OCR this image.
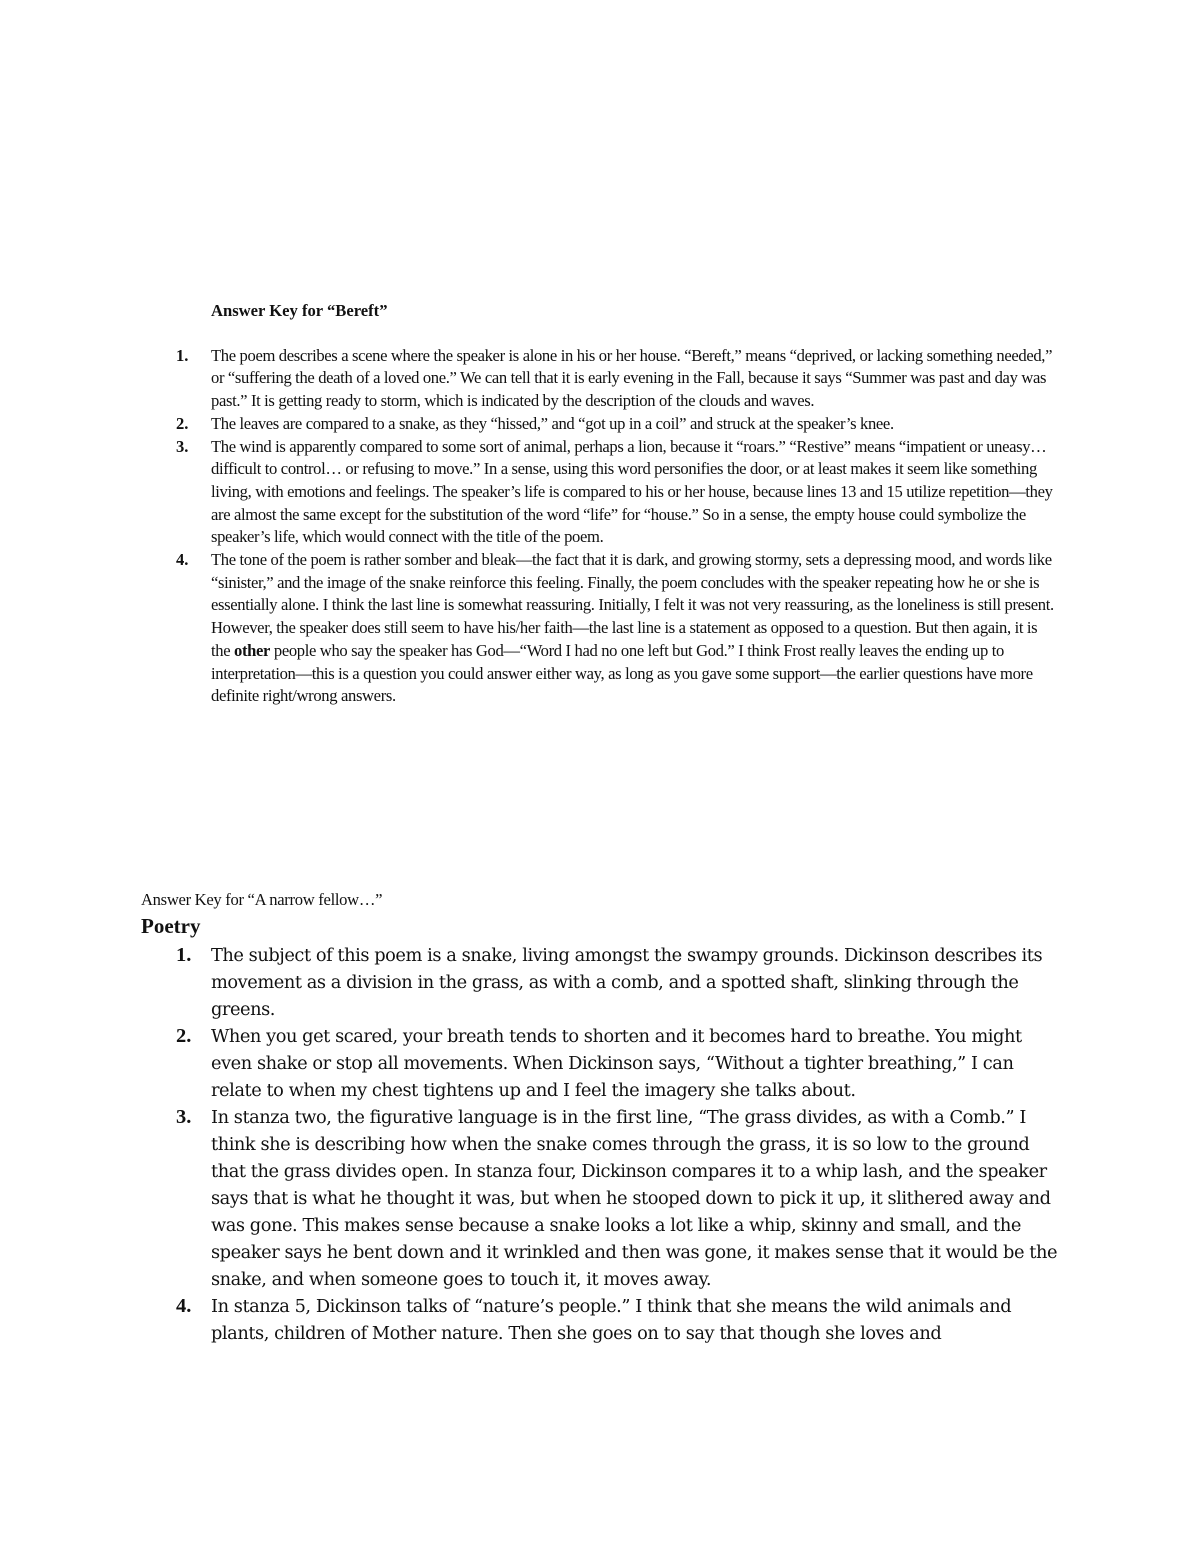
Answer Key for “Bereft”

1.	The poem describes a scene where the speaker is alone in his or her house. “Bereft,” means “deprived, or lacking something needed,” or “suffering the death of a loved one.” We can tell that it is early evening in the Fall, because it says “Summer was past and day was past.” It is getting ready to storm, which is indicated by the description of the clouds and waves.
2.	The leaves are compared to a snake, as they “hissed,” and “got up in a coil” and struck at the speaker’s knee.
3.	The wind is apparently compared to some sort of animal, perhaps a lion, because it “roars.” “Restive” means “impatient or uneasy…difficult to control… or refusing to move.” In a sense, using this word personifies the door, or at least makes it seem like something living, with emotions and feelings. The speaker’s life is compared to his or her house, because lines 13 and 15 utilize repetition—they are almost the same except for the substitution of the word “life” for “house.” So in a sense, the empty house could symbolize the speaker’s life, which would connect with the title of the poem.
4.	The tone of the poem is rather somber and bleak—the fact that it is dark, and growing stormy, sets a depressing mood, and words like “sinister,” and the image of the snake reinforce this feeling. Finally, the poem concludes with the speaker repeating how he or she is essentially alone. I think the last line is somewhat reassuring. Initially, I felt it was not very reassuring, as the loneliness is still present. However, the speaker does still seem to have his/her faith—the last line is a statement as opposed to a question. But then again, it is the other people who say the speaker has God—“Word I had no one left but God.” I think Frost really leaves the ending up to interpretation—this is a question you could answer either way, as long as you gave some support—the earlier questions have more definite right/wrong answers.

Answer Key for “A narrow fellow…”

Poetry

1.	The subject of this poem is a snake, living amongst the swampy grounds. Dickinson describes its movement as a division in the grass, as with a comb, and a spotted shaft, slinking through the greens.
2.	When you get scared, your breath tends to shorten and it becomes hard to breathe. You might even shake or stop all movements. When Dickinson says, “Without a tighter breathing,” I can relate to when my chest tightens up and I feel the imagery she talks about.
3.	In stanza two, the figurative language is in the first line, “The grass divides, as with a Comb.” I think she is describing how when the snake comes through the grass, it is so low to the ground that the grass divides open. In stanza four, Dickinson compares it to a whip lash, and the speaker says that is what he thought it was, but when he stooped down to pick it up, it slithered away and was gone. This makes sense because a snake looks a lot like a whip, skinny and small, and the speaker says he bent down and it wrinkled and then was gone, it makes sense that it would be the snake, and when someone goes to touch it, it moves away.
4.	In stanza 5, Dickinson talks of “nature’s people.” I think that she means the wild animals and plants, children of Mother nature. Then she goes on to say that though she loves and
